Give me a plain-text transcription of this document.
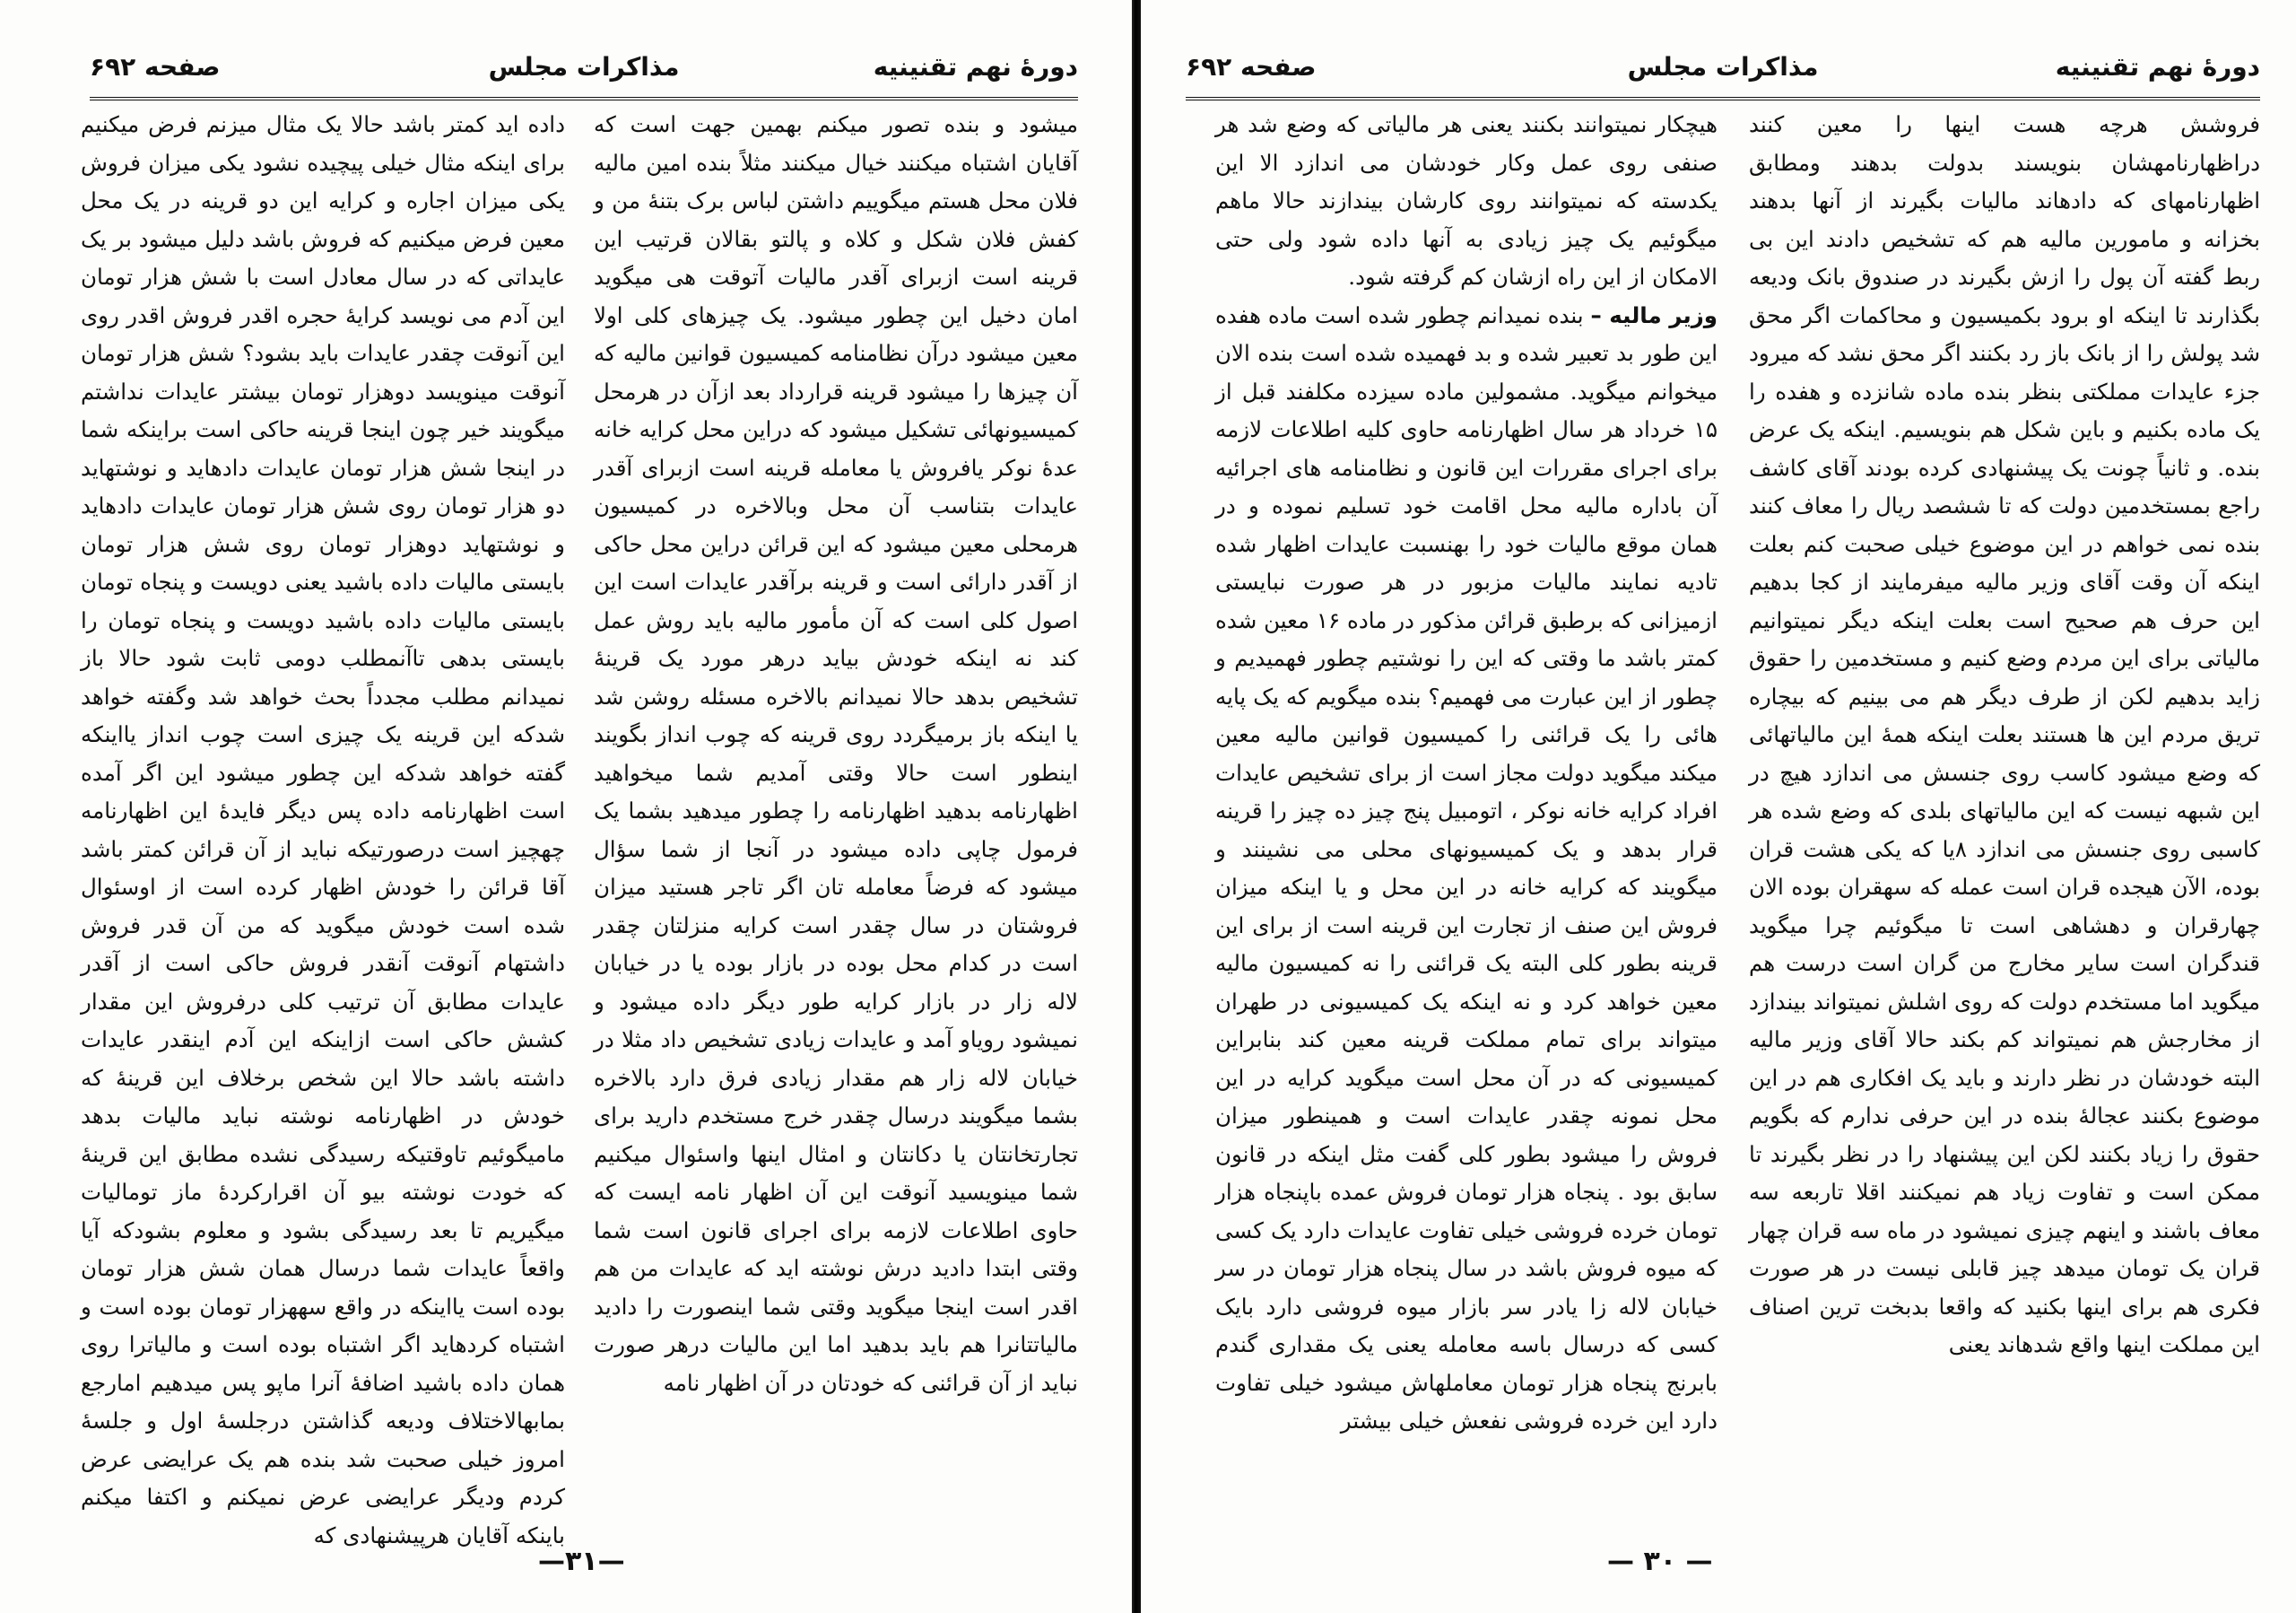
دورهٔ نهم تقنینیه
مذاکرات مجلس
صفحه ۶۹۲

میشود و بنده تصور میکنم بهمین جهت است که آقایان اشتباه میکنند خیال میکنند مثلاً بنده امین مالیه فلان محل هستم میگوییم داشتن لباس برک بتنهٔ من و کفش فلان شکل و کلاه و پالتو بقالان قرتیب این قرینه است ازبرای آقدر مالیات آتوقت هی میگوید امان دخیل این چطور میشود. یک چیزهای کلی اولا معین میشود درآن نظامنامه کمیسیون قوانین مالیه که آن چیزها را میشود قرینه قرارداد بعد ازآن در هرمحل کمیسیونهائی تشکیل میشود که دراین محل کرایه خانه عدهٔ نوکر یافروش یا معامله قرینه است ازبرای آقدر عایدات بتناسب آن محل وبالاخره در کمیسیون هرمحلی معین میشود که این قرائن دراین محل حاکی از آقدر دارائی است و قرینه برآقدر عایدات است این اصول کلی است که آن مأمور مالیه باید روش عمل کند نه اینکه خودش بیاید درهر مورد یک قرینهٔ تشخیص بدهد حالا نمیدانم بالاخره مسئله روشن شد یا اینکه باز برمیگردد روی قرینه که چوب انداز بگویند اینطور است حالا وقتی آمدیم شما میخواهید اظهارنامه بدهید اظهارنامه را چطور میدهید بشما یک فرمول چاپی داده میشود در آنجا از شما سؤال میشود که فرضاً معامله تان اگر تاجر هستید میزان فروشتان در سال چقدر است کرایه منزلتان چقدر است در کدام محل بوده در بازار بوده یا در خیابان لاله زار در بازار کرایه طور دیگر داده میشود و نمیشود رویاو آمد و عایدات زیادی تشخیص داد مثلا در خیابان لاله زار هم مقدار زیادی فرق دارد بالاخره بشما میگویند درسال چقدر خرج مستخدم دارید برای تجارتخانتان یا دکانتان و امثال اینها واسئوال میکنیم شما مینویسید آنوقت این آن اظهار نامه ایست که حاوی اطلاعات لازمه برای اجرای قانون است شما وقتی ابتدا دادید درش نوشته اید که عایدات من هم اقدر است اینجا میگوید وقتی شما اینصورت را دادید مالیاتتانرا هم باید بدهید اما این مالیات درهر صورت نباید از آن قرائنی که خودتان در آن اظهار نامه

داده اید کمتر باشد حالا یک مثال میزنم فرض میکنیم برای اینکه مثال خیلی پیچیده نشود یکی میزان فروش یکی میزان اجاره و کرایه این دو قرینه در یک محل معین فرض میکنیم که فروش باشد دلیل میشود بر یک عایداتی که در سال معادل است با شش هزار تومان این آدم می نویسد کرایهٔ حجره اقدر فروش اقدر روی این آنوقت چقدر عایدات باید بشود؟ شش هزار تومان آنوقت مینویسد دوهزار تومان بیشتر عایدات نداشتم میگویند خیر چون اینجا قرینه حاکی است براینکه شما در اینجا شش هزار تومان عایدات دادهاید و نوشتهاید دو هزار تومان روی شش هزار تومان عایدات دادهاید و نوشتهاید دوهزار تومان روی شش هزار تومان بایستی مالیات داده باشید یعنی دویست و پنجاه تومان بایستی مالیات داده باشید دویست و پنجاه تومان را بایستی بدهی تاآنمطلب دومی ثابت شود حالا باز نمیدانم مطلب مجدداً بحث خواهد شد وگفته خواهد شدکه این قرینه یک چیزی است چوب انداز یااینکه گفته خواهد شدکه این چطور میشود این اگر آمده است اظهارنامه داده پس دیگر فایدهٔ این اظهارنامه چهچیز است درصورتیکه نباید از آن قرائن کمتر باشد آقا قرائن را خودش اظهار کرده است از اوسئوال شده است خودش میگوید که من آن قدر فروش داشتهام آنوقت آنقدر فروش حاکی است از آقدر عایدات مطابق آن ترتیب کلی درفروش این مقدار کشش حاکی است ازاینکه این آدم اینقدر عایدات داشته باشد حالا این شخص برخلاف این قرینهٔ که خودش در اظهارنامه نوشته نباید مالیات بدهد مامیگوئیم تاوقتیکه رسیدگی نشده مطابق این قرینهٔ که خودت نوشته بیو آن اقرارکردهٔ ماز تومالیات میگیریم تا بعد رسیدگی بشود و معلوم بشودکه آیا واقعاً عایدات شما درسال همان شش هزار تومان بوده است یااینکه در واقع سههزار تومان بوده است و اشتباه کردهاید اگر اشتباه بوده است و مالیاترا روی همان داده باشید اضافهٔ آنرا ماپو پس میدهیم امارجع بمابهالاختلاف ودیعه گذاشتن درجلسهٔ اول و جلسهٔ امروز خیلی صحبت شد بنده هم یک عرایضی عرض کردم ودیگر عرایضی عرض نمیکنم و اکتفا میکنم باینکه آقایان هرپیشنهادی که

—٣١—
دورهٔ نهم تقنینیه
مذاکرات مجلس
صفحه ۶۹۲

فروشش هرچه هست اینها را معین کنند دراظهارنامهشان بنویسند بدولت بدهند ومطابق اظهارنامهای که دادهاند مالیات بگیرند از آنها بدهند بخزانه و مامورین مالیه هم که تشخیص دادند این بی ربط گفته آن پول را ازش بگیرند در صندوق بانک ودیعه بگذارند تا اینکه او برود بکمیسیون و محاکمات اگر محق شد پولش را از بانک باز رد بکنند اگر محق نشد که میرود جزء عایدات مملکتی بنظر بنده ماده شانزده و هفده را یک ماده بکنیم و باین شکل هم بنویسیم. اینکه یک عرض بنده. و ثانیاً چونت یک پیشنهادی کرده بودند آقای کاشف راجع بمستخدمین دولت که تا ششصد ریال را معاف کنند بنده نمی خواهم در این موضوع خیلی صحبت کنم بعلت اینکه آن وقت آقای وزیر مالیه میفرمایند از کجا بدهیم این حرف هم صحیح است بعلت اینکه دیگر نمیتوانیم مالیاتی برای این مردم وضع کنیم و مستخدمین را حقوق زاید بدهیم لکن از طرف دیگر هم می بینیم که بیچاره تریق مردم این ها هستند بعلت اینکه همهٔ این مالیاتهائی که وضع میشود کاسب روی جنسش می اندازد هیچ در این شبهه نیست که این مالیاتهای بلدی که وضع شده هر کاسبی روی جنسش می اندازد ۸یا که یکی هشت قران بوده، الآن هیجده قران است عمله که سهقران بوده الان چهارقران و دهشاهی است تا میگوئیم چرا میگوید قندگران است سایر مخارج من گران است درست هم میگوید اما مستخدم دولت که روی اشلش نمیتواند بیندازد از مخارجش هم نمیتواند کم بکند حالا آقای وزیر مالیه البته خودشان در نظر دارند و باید یک افکاری هم در این موضوع بکنند عجالهٔ بنده در این حرفی ندارم که بگویم حقوق را زیاد بکنند لکن این پیشنهاد را در نظر بگیرند تا ممکن است و تفاوت زیاد هم نمیکنند اقلا تاربعه سه معاف باشند و اینهم چیزی نمیشود در ماه سه قران چهار قران یک تومان میدهد چیز قابلی نیست در هر صورت فکری هم برای اینها بکنید که واقعا بدبخت ترین اصناف این مملکت اینها واقع شدهاند یعنی

هیچکار نمیتوانند بکنند یعنی هر مالیاتی که وضع شد هر صنفی روی عمل وکار خودشان می اندازد الا این یکدسته که نمیتوانند روی کارشان بیندازند حالا ماهم میگوئیم یک چیز زیادی به آنها داده شود ولی حتی الامکان از این راه ازشان کم گرفته شود.

وزیر مالیه – بنده نمیدانم چطور شده است ماده هفده این طور بد تعبیر شده و بد فهمیده شده است بنده الان میخوانم میگوید. مشمولین ماده سیزده مکلفند قبل از ۱۵ خرداد هر سال اظهارنامه حاوی کلیه اطلاعات لازمه برای اجرای مقررات این قانون و نظامنامه های اجرائیه آن باداره مالیه محل اقامت خود تسلیم نموده و در همان موقع مالیات خود را بهنسبت عایدات اظهار شده تادیه نمایند مالیات مزبور در هر صورت نبایستی ازمیزانی که برطبق قرائن مذکور در ماده ۱۶ معین شده کمتر باشد ما وقتی که این را نوشتیم چطور فهمیدیم و چطور از این عبارت می فهمیم؟ بنده میگویم که یک پایه هائی را یک قرائنی را کمیسیون قوانین مالیه معین میکند میگوید دولت مجاز است از برای تشخیص عایدات افراد کرایه خانه نوکر ، اتومبیل پنج چیز ده چیز را قرینه قرار بدهد و یک کمیسیونهای محلی می نشینند و میگویند که کرایه خانه در این محل و یا اینکه میزان فروش این صنف از تجارت این قرینه است از برای این قرینه بطور کلی البته یک قرائنی را نه کمیسیون مالیه معین خواهد کرد و نه اینکه یک کمیسیونی در طهران میتواند برای تمام مملکت قرینه معین کند بنابراین کمیسیونی که در آن محل است میگوید کرایه در این محل نمونه چقدر عایدات است و همینطور میزان فروش را میشود بطور کلی گفت مثل اینکه در قانون سابق بود . پنجاه هزار تومان فروش عمده باپنجاه هزار تومان خرده فروشی خیلی تفاوت عایدات دارد یک کسی که میوه فروش باشد در سال پنجاه هزار تومان در سر خیابان لاله زا یادر سر بازار میوه فروشی دارد بایک کسی که درسال باسه معامله یعنی یک مقداری گندم بابرنج پنجاه هزار تومان معاملهاش میشود خیلی تفاوت دارد این خرده فروشی نفعش خیلی بیشتر

— ٣٠ —
